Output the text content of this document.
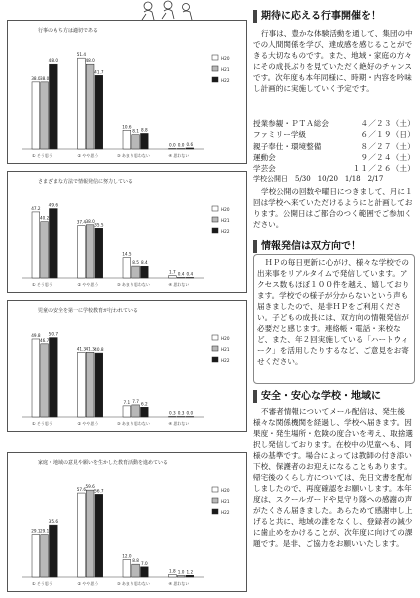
行事のもち方は適切である
38.0 38.0
48.0
① そう思う
51.4
48.0
41.7
② やや思う
10.6
8.1 8.8
③ あまり思わない
0.0 0.0 0.6
④ 思わない
H20
H21
H22
さまざまな方法で情報発信に努力している
47.2
40.2
49.6
① そう思う
37.4 38.0
35.5
② やや思う
14.5
8.5 8.4
③ あまり思わない
1.7 0.4 0.4
④ 思わない
H20
H21
H22
児童の安全を第一に学校教育が行われている
49.8
46.7
50.7
① そう思う
41.3 41.3 40.8
② やや思う
7.1 7.7 6.2
③ あまり思わない
0.3 0.3 0.0
④ 思わない
H20
H21
H22
家庭・地域の意見や願いを生かした教育活動を進めている
29.1 29.1
35.6
① そう思う
57.6
59.6
56.7
② やや思う
12.0
8.8
7.0
③ あまり思わない
1.8 1.0 1.2
④ 思わない
H20
H21
H22
期待に応える行事開催を！
行事は、豊かな体験活動を通して、集団の中での人間関係を学び、達成感を感じることができる大切なものです。また、地域・家庭の方々にその成長ぶりを見ていただく絶好のチャンスです。次年度も本年同様に、時期・内容を吟味し計画的に実施していく予定です。
授業参観・ＰＴＡ総会	４／２３（土）
ファミリー学級	６／１９（日）
親子奉仕・環境整備	８／２７（土）
運動会	９／２４（土）
学芸会	１１／２６（土）
学校公開日　5/30　10/20　1/18　2/17
学校公開の回数や曜日につきまして、月に１回は学校へ来ていただけるようにと計画しております。公開日はご都合のつく範囲でご参加ください。
情報発信は双方向で！
ＨＰの毎日更新に心がけ、様々な学校での出来事をリアルタイムで発信しています。アクセス数もほぼ１００件を越え、嬉しております。学校での様子が分からないという声も届きましたので、是非ＨＰをご利用ください。子どもの成長には、双方向の情報発信が必要だと感じます。連絡帳・電話・来校など、また、年２回実施している「ハートウィーク」を活用したりするなど、ご意見をお寄せください。
安全・安心な学校・地域に
不審者情報についてメール配信は、発生後様々な関係機関を経過し、学校へ届きます。因果度・発生場所・危険の度合いを考え、取捨選択し発信しております。在校中の児童へも、同様の基準です。場合によっては教師の付き添い下校、保護者のお迎えになることもあります。帰宅後のくらし方については、先日文書を配布しましたので、再度確認をお願いします。本年度は、スクールガードや見守り隊への感謝の声がたくさん届きました。あらためて感謝申し上げると共に、地域の誰をなくし、登録者の減少に歯止めをかけることが、次年度に向けての課題です。是非、ご協力をお願いいたします。
